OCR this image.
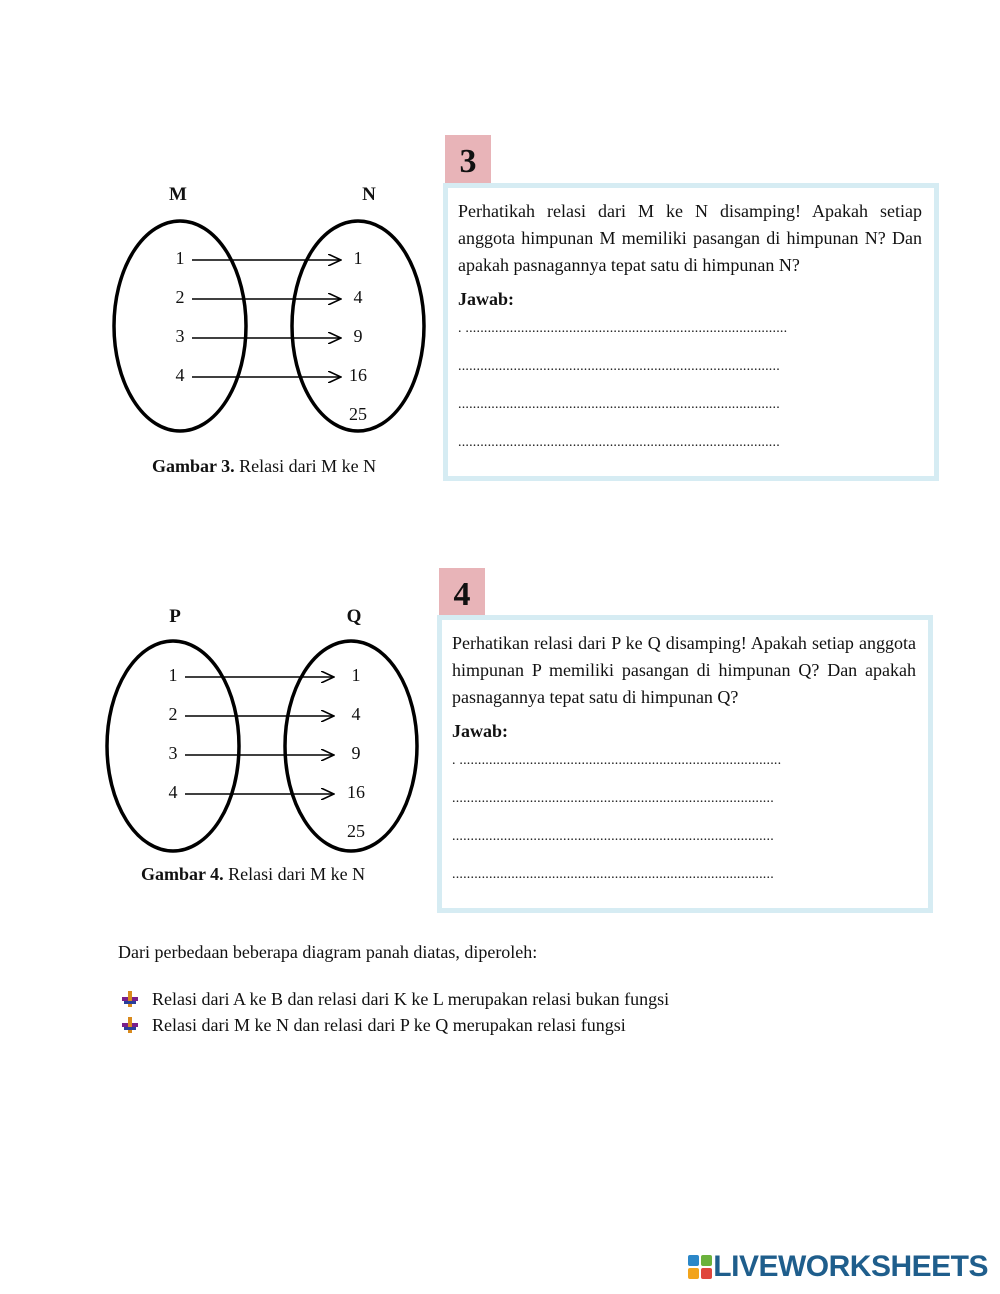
M	N
1
2
3
4
1
4
9
16
25
Gambar 3. Relasi dari M ke N
3
Perhatikah relasi dari M ke N disamping! Apakah setiap anggota himpunan M memiliki pasangan di himpunan N? Dan apakah pasnagannya tepat satu di himpunan N?
Jawab:
. .......................................................................................
.......................................................................................
.......................................................................................
.......................................................................................
P	Q
1
2
3
4
1
4
9
16
25
Gambar 4. Relasi dari M ke N
4
Perhatikan relasi dari P ke Q disamping! Apakah setiap anggota himpunan P memiliki pasangan di himpunan Q? Dan apakah pasnagannya tepat satu di himpunan Q?
Jawab:
. .......................................................................................
.......................................................................................
.......................................................................................
.......................................................................................
Dari perbedaan beberapa diagram panah diatas, diperoleh:
Relasi dari A ke B dan relasi dari K ke L merupakan relasi bukan fungsi
Relasi dari M ke N dan relasi dari P ke Q merupakan relasi fungsi
LIVEWORKSHEETS
